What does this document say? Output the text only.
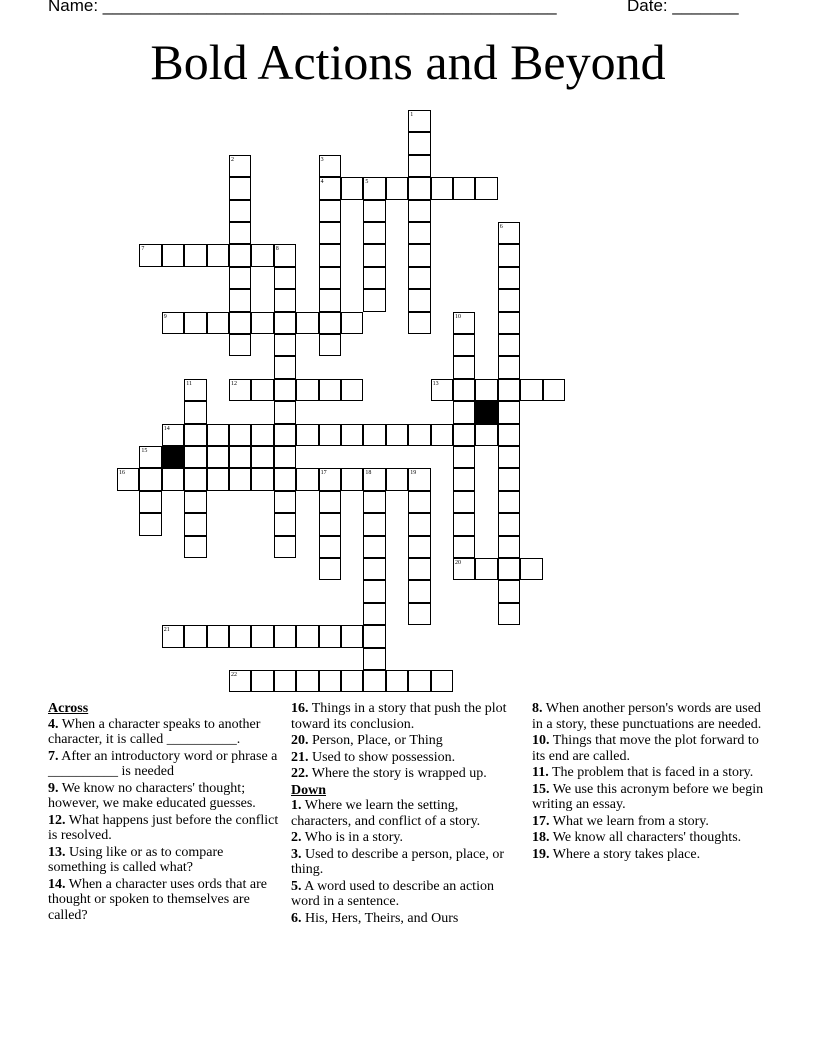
Name: ________________________________________________	Date: _______
Bold Actions and Beyond
1
2	3
4	5
6
7	8
9	10
11	12	13
14
15
16	17	18	19
20
21
22
Across
4. When a character speaks to another character, it is called __________.
7. After an introductory word or phrase a __________ is needed
9. We know no characters' thought; however, we make educated guesses.
12. What happens just before the conflict is resolved.
13. Using like or as to compare something is called what?
14. When a character uses ords that are thought or spoken to themselves are called?
16. Things in a story that push the plot toward its conclusion.
20. Person, Place, or Thing
21. Used to show possession.
22. Where the story is wrapped up.
Down
1. Where we learn the setting, characters, and conflict of a story.
2. Who is in a story.
3. Used to describe a person, place, or thing.
5. A word used to describe an action word in a sentence.
6. His, Hers, Theirs, and Ours
8. When another person's words are used in a story, these punctuations are needed.
10. Things that move the plot forward to its end are called.
11. The problem that is faced in a story.
15. We use this acronym before we begin writing an essay.
17. What we learn from a story.
18. We know all characters' thoughts.
19. Where a story takes place.
